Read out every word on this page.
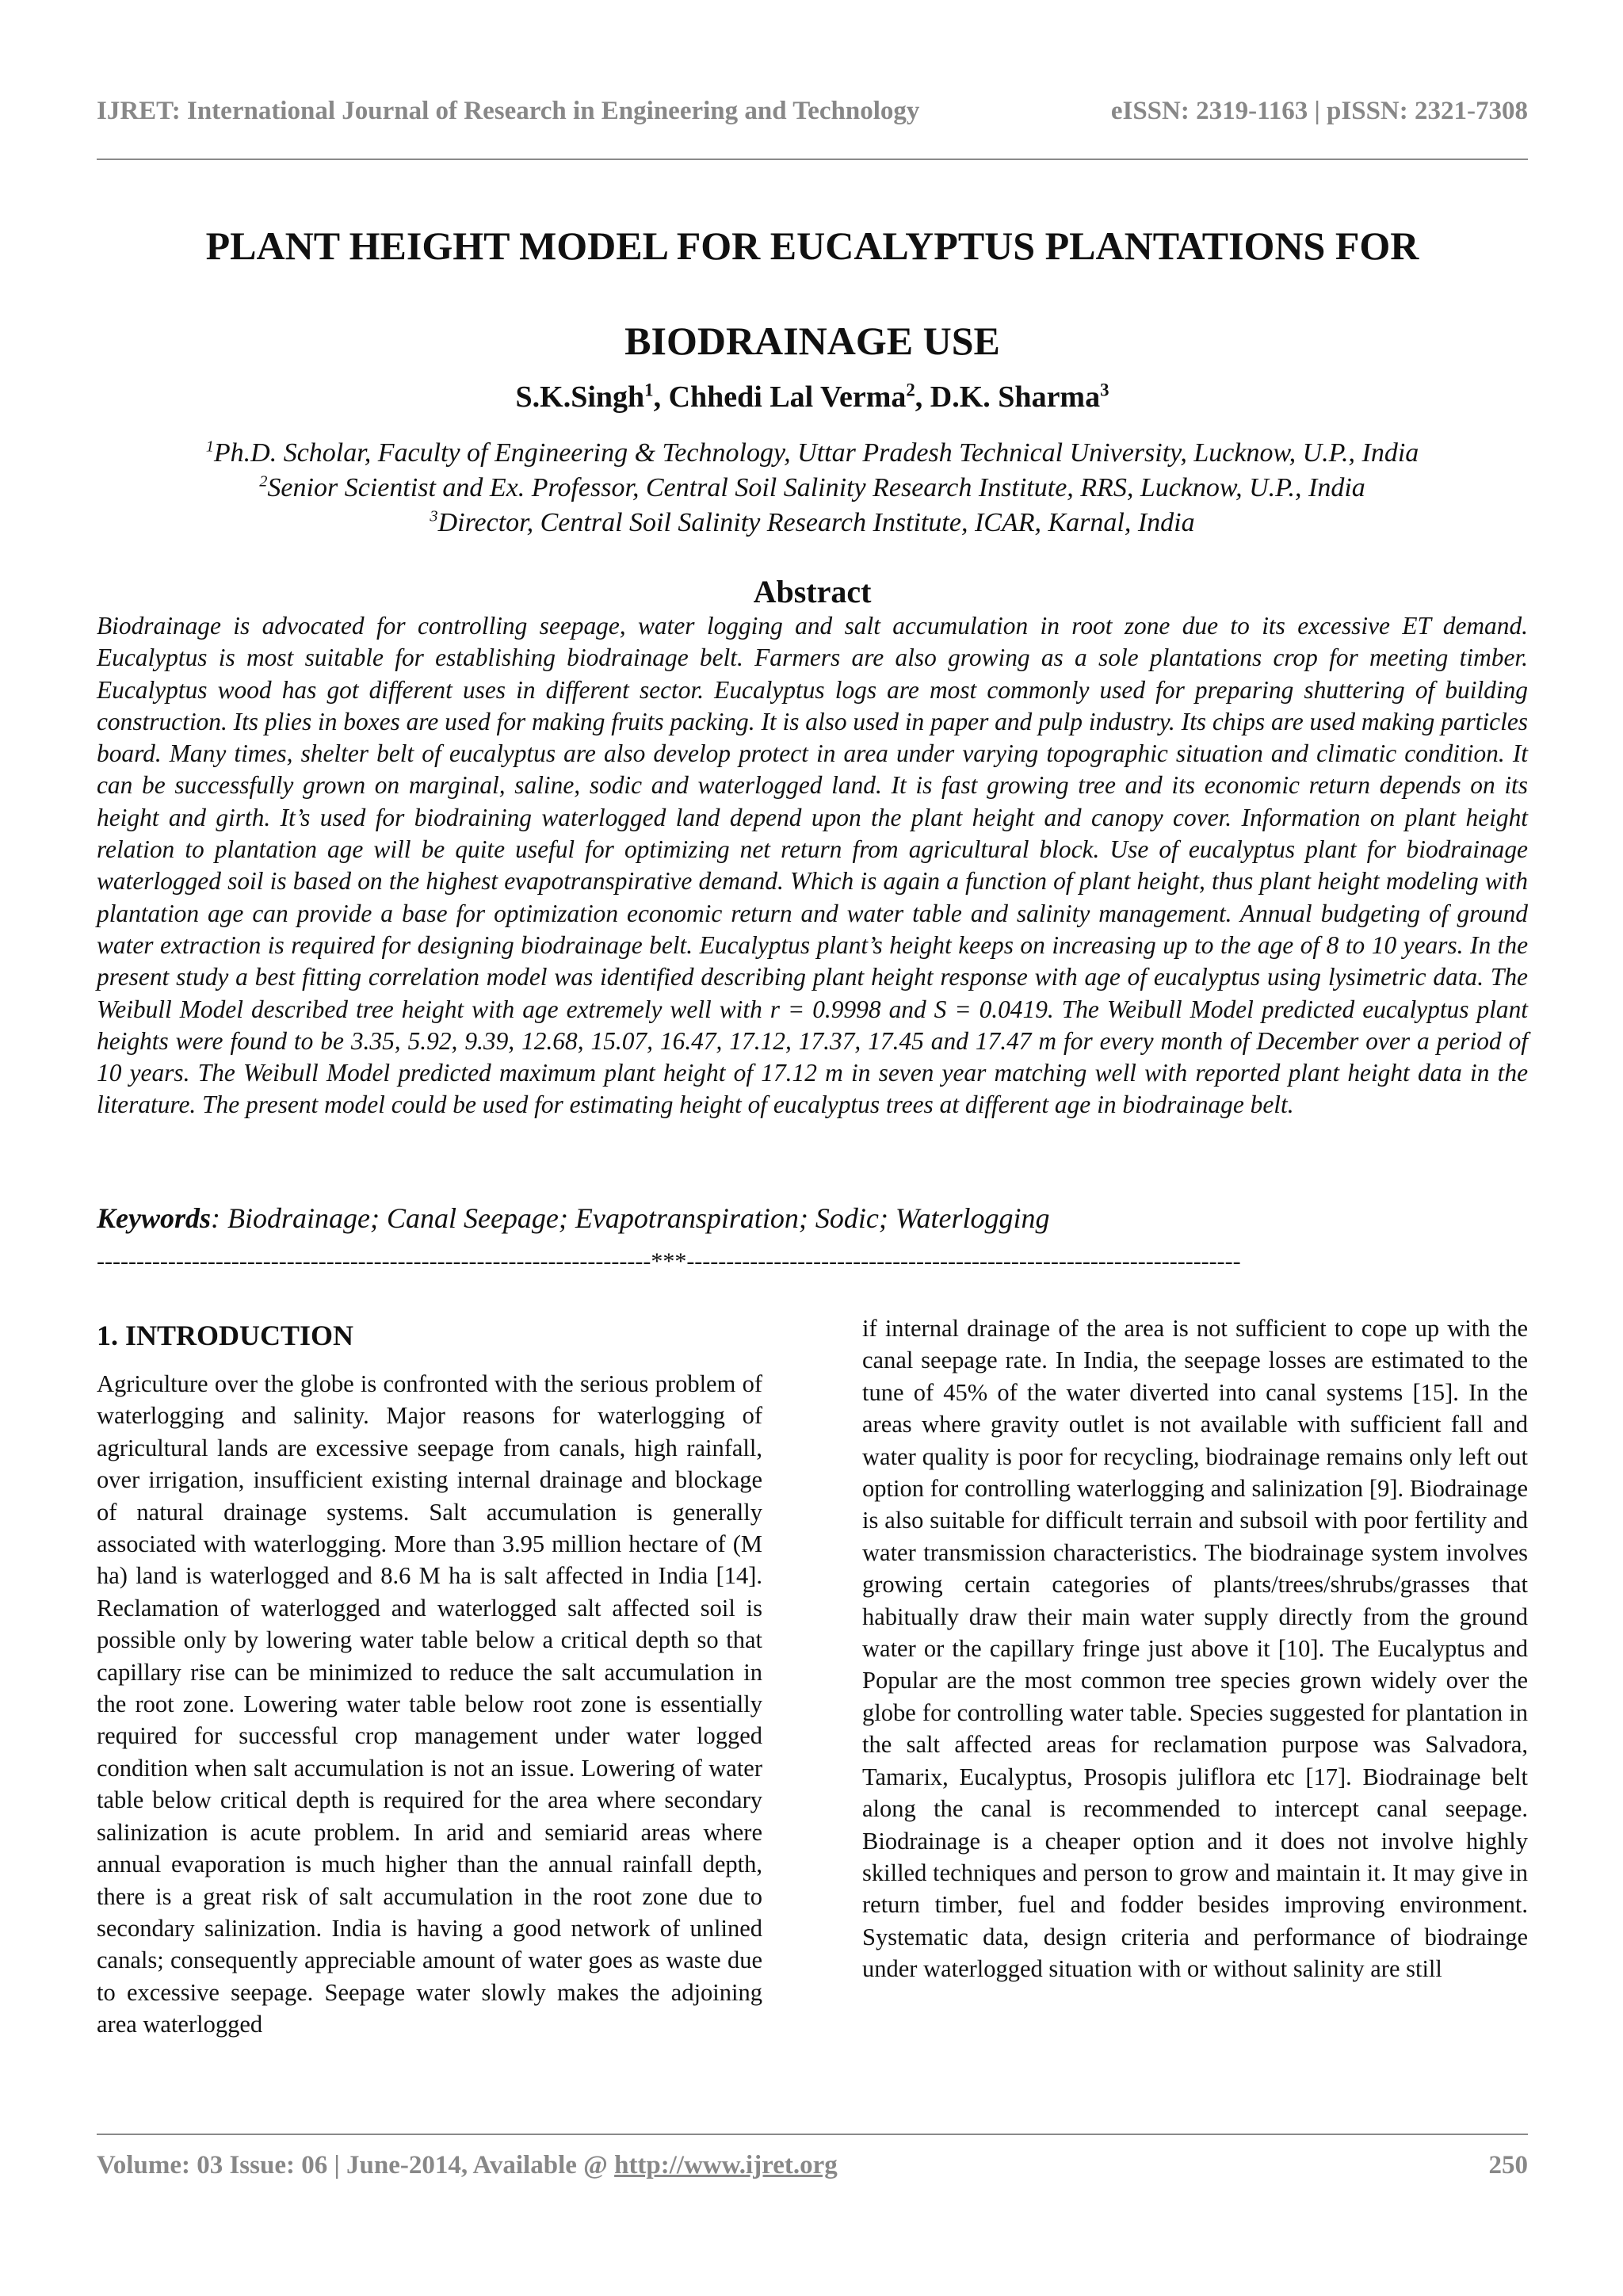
IJRET: International Journal of Research in Engineering and Technology	eISSN: 2319-1163 | pISSN: 2321-7308
PLANT HEIGHT MODEL FOR EUCALYPTUS PLANTATIONS FOR
BIODRAINAGE USE
S.K.Singh$^1$, Chhedi Lal Verma$^2$, D.K. Sharma$^3$
$^1$Ph.D. Scholar, Faculty of Engineering & Technology, Uttar Pradesh Technical University, Lucknow, U.P., India
$^2$Senior Scientist and Ex. Professor, Central Soil Salinity Research Institute, RRS, Lucknow, U.P., India
$^3$Director, Central Soil Salinity Research Institute, ICAR, Karnal, India
Abstract
Biodrainage is advocated for controlling seepage, water logging and salt accumulation in root zone due to its excessive ET demand. Eucalyptus is most suitable for establishing biodrainage belt. Farmers are also growing as a sole plantations crop for meeting timber. Eucalyptus wood has got different uses in different sector. Eucalyptus logs are most commonly used for preparing shuttering of building construction. Its plies in boxes are used for making fruits packing. It is also used in paper and pulp industry. Its chips are used making particles board. Many times, shelter belt of eucalyptus are also develop protect in area under varying topographic situation and climatic condition. It can be successfully grown on marginal, saline, sodic and waterlogged land. It is fast growing tree and its economic return depends on its height and girth. It’s used for biodraining waterlogged land depend upon the plant height and canopy cover. Information on plant height relation to plantation age will be quite useful for optimizing net return from agricultural block. Use of eucalyptus plant for biodrainage waterlogged soil is based on the highest evapotranspirative demand. Which is again a function of plant height, thus plant height modeling with plantation age can provide a base for optimization economic return and water table and salinity management. Annual budgeting of ground water extraction is required for designing biodrainage belt. Eucalyptus plant’s height keeps on increasing up to the age of 8 to 10 years. In the present study a best fitting correlation model was identified describing plant height response with age of eucalyptus using lysimetric data. The Weibull Model described tree height with age extremely well with r = 0.9998 and S = 0.0419. The Weibull Model predicted eucalyptus plant heights were found to be 3.35, 5.92, 9.39, 12.68, 15.07, 16.47, 17.12, 17.37, 17.45 and 17.47 m for every month of December over a period of 10 years. The Weibull Model predicted maximum plant height of 17.12 m in seven year matching well with reported plant height data in the literature. The present model could be used for estimating height of eucalyptus trees at different age in biodrainage belt.
Keywords: Biodrainage; Canal Seepage; Evapotranspiration; Sodic; Waterlogging
----------------------------------------------------------------------***----------------------------------------------------------------------
1. INTRODUCTION
Agriculture over the globe is confronted with the serious problem of waterlogging and salinity. Major reasons for waterlogging of agricultural lands are excessive seepage from canals, high rainfall, over irrigation, insufficient existing internal drainage and blockage of natural drainage systems. Salt accumulation is generally associated with waterlogging. More than 3.95 million hectare of (M ha) land is waterlogged and 8.6 M ha is salt affected in India [14]. Reclamation of waterlogged and waterlogged salt affected soil is possible only by lowering water table below a critical depth so that capillary rise can be minimized to reduce the salt accumulation in the root zone. Lowering water table below root zone is essentially required for successful crop management under water logged condition when salt accumulation is not an issue. Lowering of water table below critical depth is required for the area where secondary salinization is acute problem. In arid and semiarid areas where annual evaporation is much higher than the annual rainfall depth, there is a great risk of salt accumulation in the root zone due to secondary salinization. India is having a good network of unlined canals; consequently appreciable amount of water goes as waste due to excessive seepage. Seepage water slowly makes the adjoining area waterlogged
if internal drainage of the area is not sufficient to cope up with the canal seepage rate. In India, the seepage losses are estimated to the tune of 45% of the water diverted into canal systems [15]. In the areas where gravity outlet is not available with sufficient fall and water quality is poor for recycling, biodrainage remains only left out option for controlling waterlogging and salinization [9]. Biodrainage is also suitable for difficult terrain and subsoil with poor fertility and water transmission characteristics. The biodrainage system involves growing certain categories of plants/trees/shrubs/grasses that habitually draw their main water supply directly from the ground water or the capillary fringe just above it [10]. The Eucalyptus and Popular are the most common tree species grown widely over the globe for controlling water table. Species suggested for plantation in the salt affected areas for reclamation purpose was Salvadora, Tamarix, Eucalyptus, Prosopis juliflora etc [17]. Biodrainage belt along the canal is recommended to intercept canal seepage. Biodrainage is a cheaper option and it does not involve highly skilled techniques and person to grow and maintain it. It may give in return timber, fuel and fodder besides improving environment. Systematic data, design criteria and performance of biodrainge under waterlogged situation with or without salinity are still
Volume: 03 Issue: 06 | June-2014, Available @ http://www.ijret.org	250
